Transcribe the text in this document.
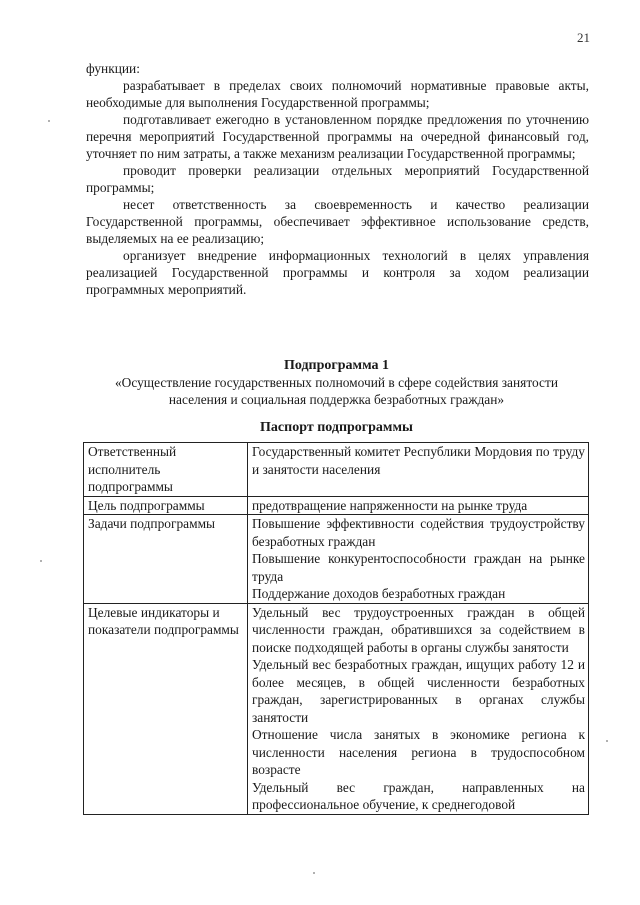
21

функции:

разрабатывает в пределах своих полномочий нормативные правовые акты, необходимые для выполнения Государственной программы;

подготавливает ежегодно в установленном порядке предложения по уточнению перечня мероприятий Государственной программы на очередной финансовый год, уточняет по ним затраты, а также механизм реализации Государственной программы;

проводит проверки реализации отдельных мероприятий Государственной программы;

несет ответственность за своевременность и качество реализации Государственной программы, обеспечивает эффективное использование средств, выделяемых на ее реализацию;

организует внедрение информационных технологий в целях управления реализацией Государственной программы и контроля за ходом реализации программных мероприятий.

Подпрограмма 1
«Осуществление государственных полномочий в сфере содействия занятости
населения и социальная поддержка безработных граждан»
Паспорт подпрограммы
Ответственный исполнитель подпрограммы	Государственный комитет Республики Мордовия по труду и занятости населения

Цель подпрограммы	предотвращение напряженности на рынке труда

Задачи подпрограммы	Повышение эффективности содействия трудоустройству безработных граждан
Повышение конкурентоспособности граждан на рынке труда
Поддержание доходов безработных граждан

Целевые индикаторы и показатели подпрограммы	Удельный вес трудоустроенных граждан в общей численности граждан, обратившихся за содействием в поиске подходящей работы в органы службы занятости
Удельный вес безработных граждан, ищущих работу 12 и более месяцев, в общей численности безработных граждан, зарегистрированных в органах службы занятости
Отношение числа занятых в экономике региона к численности населения региона в трудоспособном возрасте
Удельный вес граждан, направленных на профессиональное обучение, к среднегодовой
